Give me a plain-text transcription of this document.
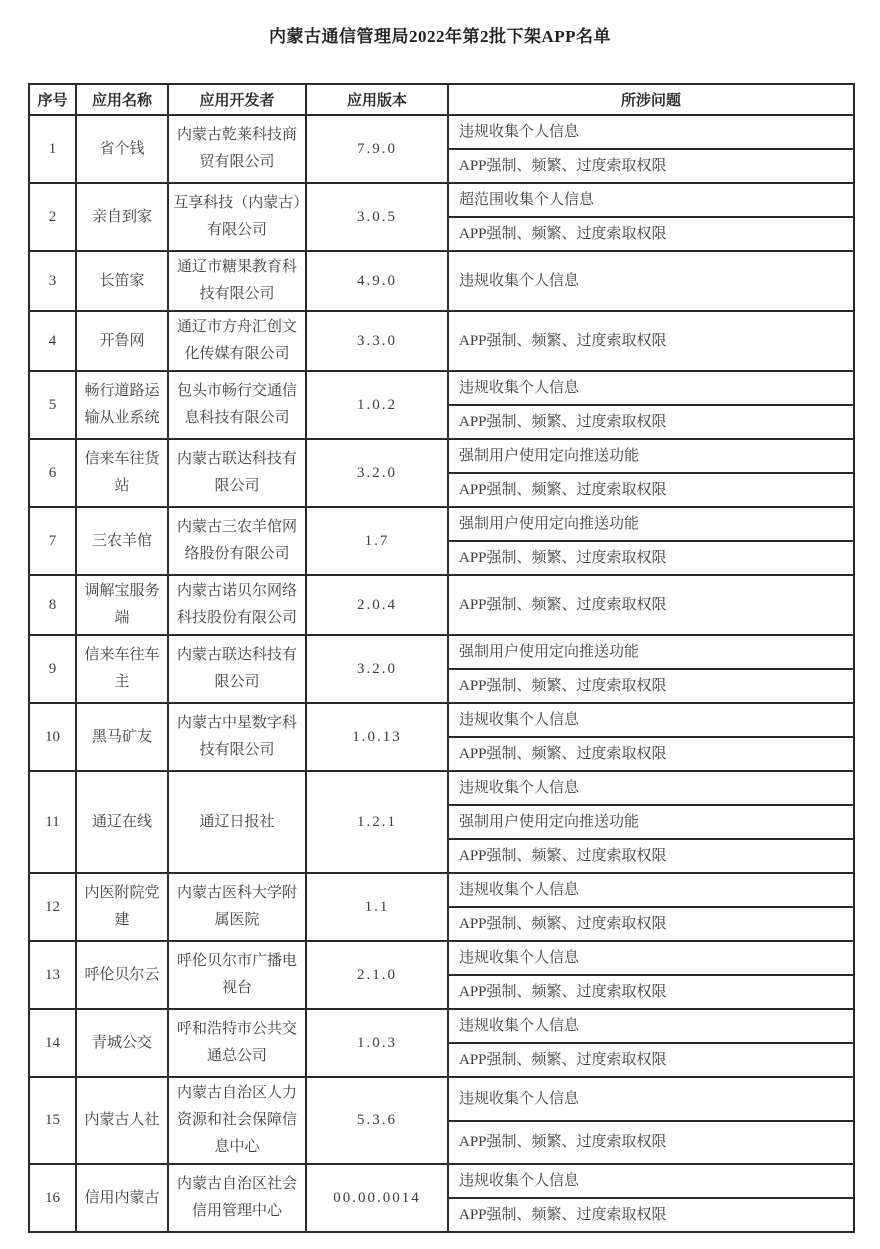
内蒙古通信管理局2022年第2批下架APP名单
序号	应用名称	应用开发者	应用版本	所涉问题
1	省个钱	内蒙古乾莱科技商贸有限公司	7.9.0	违规收集个人信息
				APP强制、频繁、过度索取权限
2	亲自到家	互享科技（内蒙古）有限公司	3.0.5	超范围收集个人信息
				APP强制、频繁、过度索取权限
3	长笛家	通辽市糖果教育科技有限公司	4.9.0	违规收集个人信息
4	开鲁网	通辽市方舟汇创文化传媒有限公司	3.3.0	APP强制、频繁、过度索取权限
5	畅行道路运输从业系统	包头市畅行交通信息科技有限公司	1.0.2	违规收集个人信息
				APP强制、频繁、过度索取权限
6	信来车往货站	内蒙古联达科技有限公司	3.2.0	强制用户使用定向推送功能
				APP强制、频繁、过度索取权限
7	三农羊倌	内蒙古三农羊倌网络股份有限公司	1.7	强制用户使用定向推送功能
				APP强制、频繁、过度索取权限
8	调解宝服务端	内蒙古诺贝尔网络科技股份有限公司	2.0.4	APP强制、频繁、过度索取权限
9	信来车往车主	内蒙古联达科技有限公司	3.2.0	强制用户使用定向推送功能
				APP强制、频繁、过度索取权限
10	黑马矿友	内蒙古中星数字科技有限公司	1.0.13	违规收集个人信息
				APP强制、频繁、过度索取权限
11	通辽在线	通辽日报社	1.2.1	违规收集个人信息
				强制用户使用定向推送功能
				APP强制、频繁、过度索取权限
12	内医附院党建	内蒙古医科大学附属医院	1.1	违规收集个人信息
				APP强制、频繁、过度索取权限
13	呼伦贝尔云	呼伦贝尔市广播电视台	2.1.0	违规收集个人信息
				APP强制、频繁、过度索取权限
14	青城公交	呼和浩特市公共交通总公司	1.0.3	违规收集个人信息
				APP强制、频繁、过度索取权限
15	内蒙古人社	内蒙古自治区人力资源和社会保障信息中心	5.3.6	违规收集个人信息
				APP强制、频繁、过度索取权限
16	信用内蒙古	内蒙古自治区社会信用管理中心	00.00.0014	违规收集个人信息
				APP强制、频繁、过度索取权限
